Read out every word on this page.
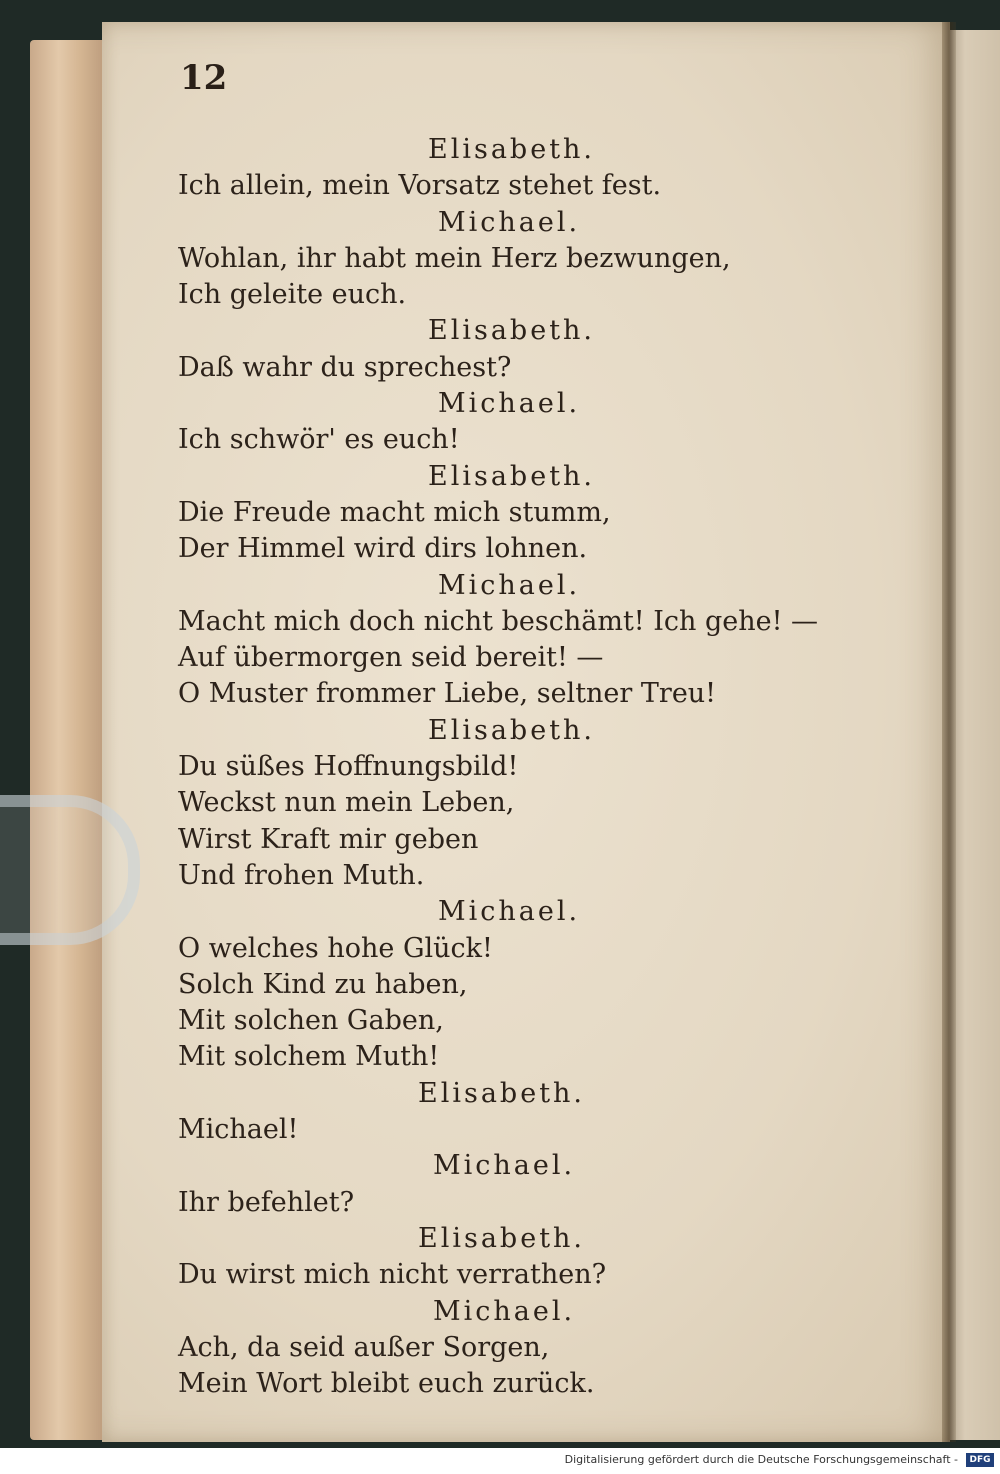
12
Elisabeth.
Ich allein, mein Vorsatz stehet fest.
Michael.
Wohlan, ihr habt mein Herz bezwungen,
Ich geleite euch.
Elisabeth.
Daß wahr du sprechest?
Michael.
Ich schwör' es euch!
Elisabeth.
Die Freude macht mich stumm,
Der Himmel wird dirs lohnen.
Michael.
Macht mich doch nicht beschämt! Ich gehe! —
Auf übermorgen seid bereit! —
O Muster frommer Liebe, seltner Treu!
Elisabeth.
Du süßes Hoffnungsbild!
Weckst nun mein Leben,
Wirst Kraft mir geben
Und frohen Muth.
Michael.
O welches hohe Glück!
Solch Kind zu haben,
Mit solchen Gaben,
Mit solchem Muth!
Elisabeth.
Michael!
Michael.
Ihr befehlet?
Elisabeth.
Du wirst mich nicht verrathen?
Michael.
Ach, da seid außer Sorgen,
Mein Wort bleibt euch zurück.
Digitalisierung gefördert durch die Deutsche Forschungsgemeinschaft -	DFG
